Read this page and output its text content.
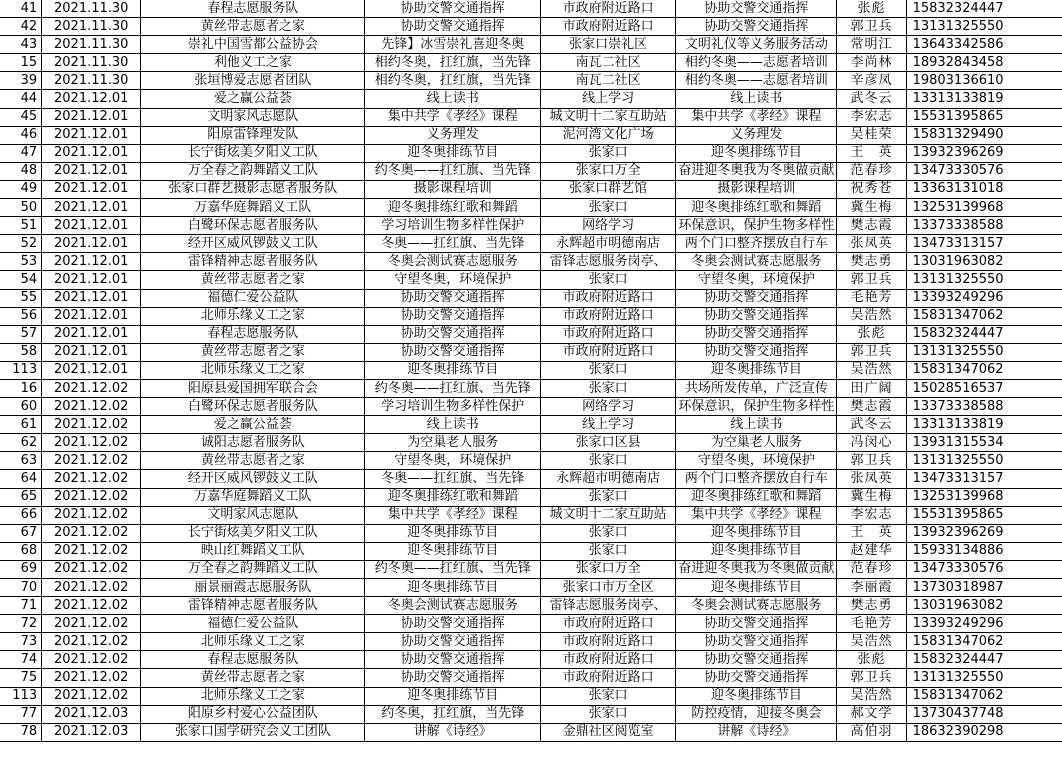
41	2021.11.30	春程志愿服务队	协助交警交通指挥	市政府附近路口	协助交警交通指挥	张彪	15832324447
42	2021.11.30	黄丝带志愿者之家	协助交警交通指挥	市政府附近路口	协助交警交通指挥	郭卫兵	13131325550
43	2021.11.30	崇礼中国雪都公益协会	先锋】冰雪崇礼喜迎冬奥	张家口崇礼区	文明礼仪等义务服务活动	常明江	13643342586
15	2021.11.30	利他义工之家	相约冬奥，扛红旗，当先锋	南瓦二社区	相约冬奥——志愿者培训	李尚林	18932843458
39	2021.11.30	张垣博爱志愿者团队	相约冬奥，扛红旗，当先锋	南瓦二社区	相约冬奥——志愿者培训	辛彦凤	19803136610
44	2021.12.01	爱之赢公益荟	线上读书	线上学习	线上读书	武冬云	13313133819
45	2021.12.01	文明家风志愿队	集中共学《孝经》课程	城文明十二家互助站	集中共学《孝经》课程	李宏志	15531395865
46	2021.12.01	阳原雷锋理发队	义务理发	泥河湾文化广场	义务理发	吴桂荣	15831329490
47	2021.12.01	长宁街炫美夕阳义工队	迎冬奥排练节目	张家口	迎冬奥排练节目	王　英	13932396269
48	2021.12.01	万全春之韵舞蹈义工队	约冬奥——扛红旗、当先锋	张家口万全	奋进迎冬奥我为冬奥做贡献	范春珍	13473330576
49	2021.12.01	张家口群艺摄影志愿者服务队	摄影课程培训	张家口群艺馆	摄影课程培训	祝秀苍	13363131018
50	2021.12.01	万嘉华庭舞蹈义工队	迎冬奥排练红歌和舞蹈	张家口	迎冬奥排练红歌和舞蹈	冀生梅	13253139968
51	2021.12.01	白鹭环保志愿者服务队	学习培训生物多样性保护	网络学习	环保意识，保护生物多样性	樊志霞	13373338588
52	2021.12.01	经开区威风锣鼓义工队	冬奥——扛红旗、当先锋	永辉超市明德南店	两个门口整齐摆放自行车	张凤英	13473313157
53	2021.12.01	雷锋精神志愿者服务队	冬奥会测试赛志愿服务	雷锋志愿服务岗亭、	冬奥会测试赛志愿服务	樊志勇	13031963082
54	2021.12.01	黄丝带志愿者之家	守望冬奥，环境保护	张家口	守望冬奥，环境保护	郭卫兵	13131325550
55	2021.12.01	福德仁爱公益队	协助交警交通指挥	市政府附近路口	协助交警交通指挥	毛艳芳	13393249296
56	2021.12.01	北师乐缘义工之家	协助交警交通指挥	市政府附近路口	协助交警交通指挥	吴浩然	15831347062
57	2021.12.01	春程志愿服务队	协助交警交通指挥	市政府附近路口	协助交警交通指挥	张彪	15832324447
58	2021.12.01	黄丝带志愿者之家	协助交警交通指挥	市政府附近路口	协助交警交通指挥	郭卫兵	13131325550
113	2021.12.01	北师乐缘义工之家	迎冬奥排练节目	张家口	迎冬奥排练节目	吴浩然	15831347062
16	2021.12.02	阳原县爱国拥军联合会	约冬奥——扛红旗、当先锋	张家口	共场所发传单，广泛宣传	田广阔	15028516537
60	2021.12.02	白鹭环保志愿者服务队	学习培训生物多样性保护	网络学习	环保意识，保护生物多样性	樊志霞	13373338588
61	2021.12.02	爱之赢公益荟	线上读书	线上学习	线上读书	武冬云	13313133819
62	2021.12.02	诚阳志愿者服务队	为空巢老人服务	张家口区县	为空巢老人服务	冯闵心	13931315534
63	2021.12.02	黄丝带志愿者之家	守望冬奥，环境保护	张家口	守望冬奥，环境保护	郭卫兵	13131325550
64	2021.12.02	经开区威风锣鼓义工队	冬奥——扛红旗、当先锋	永辉超市明德南店	两个门口整齐摆放自行车	张凤英	13473313157
65	2021.12.02	万嘉华庭舞蹈义工队	迎冬奥排练红歌和舞蹈	张家口	迎冬奥排练红歌和舞蹈	冀生梅	13253139968
66	2021.12.02	文明家风志愿队	集中共学《孝经》课程	城文明十二家互助站	集中共学《孝经》课程	李宏志	15531395865
67	2021.12.02	长宁街炫美夕阳义工队	迎冬奥排练节目	张家口	迎冬奥排练节目	王　英	13932396269
68	2021.12.02	映山红舞蹈义工队	迎冬奥排练节目	张家口	迎冬奥排练节目	赵建华	15933134886
69	2021.12.02	万全春之韵舞蹈义工队	约冬奥——扛红旗、当先锋	张家口万全	奋进迎冬奥我为冬奥做贡献	范春珍	13473330576
70	2021.12.02	丽景丽霞志愿服务队	迎冬奥排练节目	张家口市万全区	迎冬奥排练节目	李丽霞	13730318987
71	2021.12.02	雷锋精神志愿者服务队	冬奥会测试赛志愿服务	雷锋志愿服务岗亭、	冬奥会测试赛志愿服务	樊志勇	13031963082
72	2021.12.02	福德仁爱公益队	协助交警交通指挥	市政府附近路口	协助交警交通指挥	毛艳芳	13393249296
73	2021.12.02	北师乐缘义工之家	协助交警交通指挥	市政府附近路口	协助交警交通指挥	吴浩然	15831347062
74	2021.12.02	春程志愿服务队	协助交警交通指挥	市政府附近路口	协助交警交通指挥	张彪	15832324447
75	2021.12.02	黄丝带志愿者之家	协助交警交通指挥	市政府附近路口	协助交警交通指挥	郭卫兵	13131325550
113	2021.12.02	北师乐缘义工之家	迎冬奥排练节目	张家口	迎冬奥排练节目	吴浩然	15831347062
77	2021.12.03	阳原乡村爱心公益团队	约冬奥，扛红旗，当先锋	张家口	防控疫情，迎接冬奥会	郝文学	13730437748
78	2021.12.03	张家口国学研究会义工团队	讲解《诗经》	金鼎社区阅览室	讲解《诗经》	高伯羽	18632390298
